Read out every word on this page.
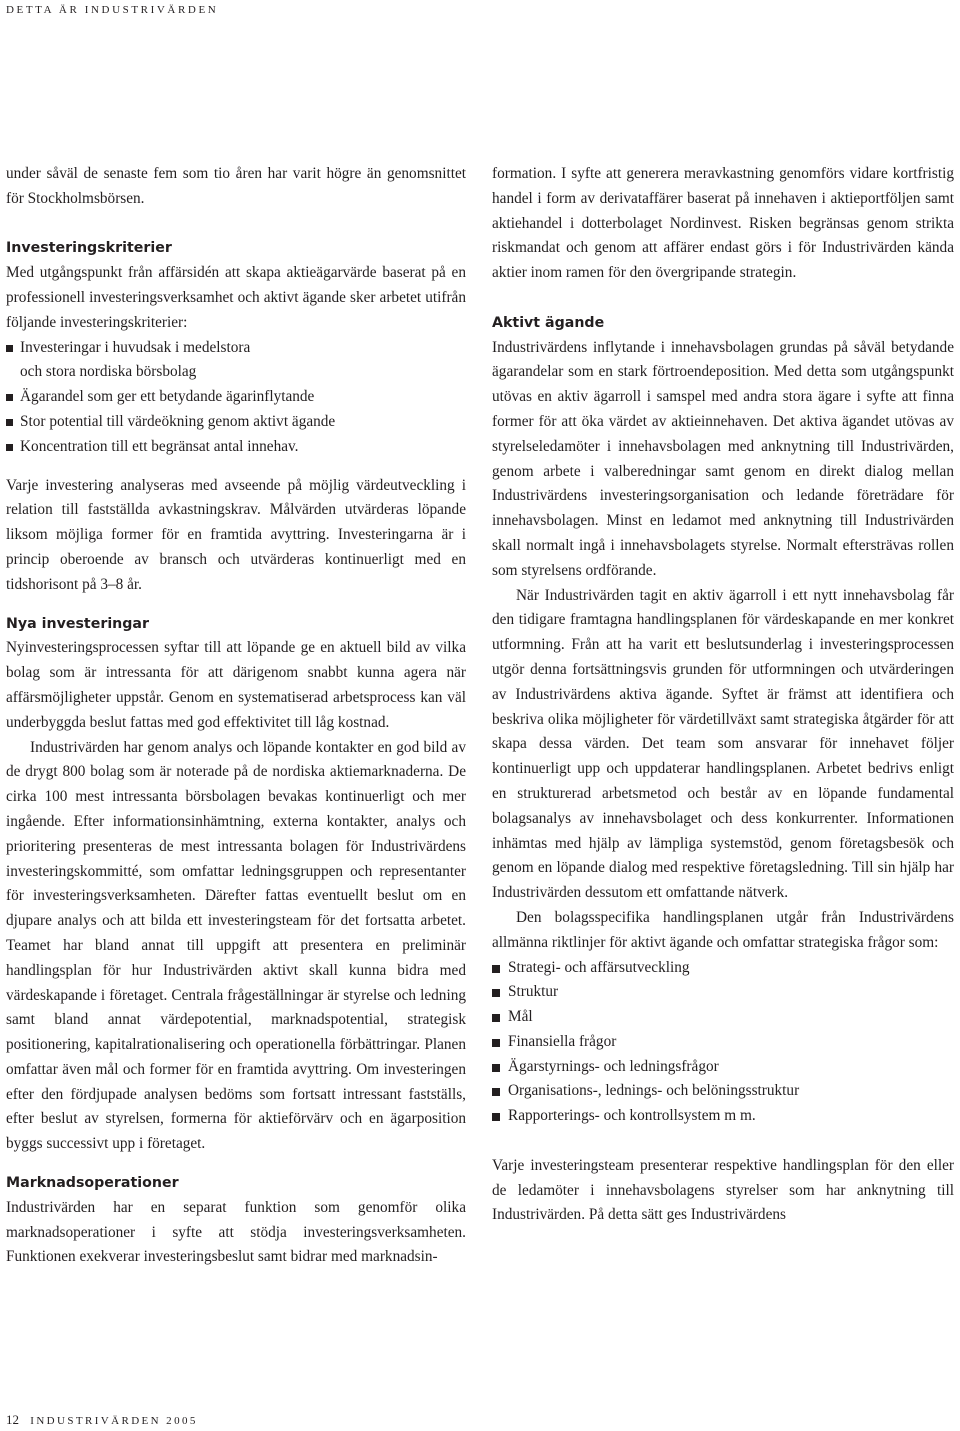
DETTA ÄR INDUSTRIVÄRDEN

under såväl de senaste fem som tio åren har varit högre än genomsnittet för Stockholmsbörsen.

Investeringskriterier

Med utgångspunkt från affärsidén att skapa aktieägarvärde baserat på en professionell investeringsverksamhet och aktivt ägande sker arbetet utifrån följande investeringskriterier:

Investeringar i huvudsak i medelstora
och stora nordiska börsbolag
Ägarandel som ger ett betydande ägarinflytande
Stor potential till värdeökning genom aktivt ägande
Koncentration till ett begränsat antal innehav.

Varje investering analyseras med avseende på möjlig värdeutveckling i relation till fastställda avkastningskrav. Målvärden utvärderas löpande liksom möjliga former för en framtida avyttring. Investeringarna är i princip oberoende av bransch och utvärderas kontinuerligt med en tidshorisont på 3–8 år.

Nya investeringar

Nyinvesteringsprocessen syftar till att löpande ge en aktuell bild av vilka bolag som är intressanta för att därigenom snabbt kunna agera när affärsmöjligheter uppstår. Genom en systematiserad arbetsprocess kan väl underbyggda beslut fattas med god effektivitet till låg kostnad.

Industrivärden har genom analys och löpande kontakter en god bild av de drygt 800 bolag som är noterade på de nordiska aktiemarknaderna. De cirka 100 mest intressanta börsbolagen bevakas kontinuerligt och mer ingående. Efter informationsinhämtning, externa kontakter, analys och prioritering presenteras de mest intressanta bolagen för Industrivärdens investeringskommitté, som omfattar ledningsgruppen och representanter för investeringsverksamheten. Därefter fattas eventuellt beslut om en djupare analys och att bilda ett investeringsteam för det fortsatta arbetet. Teamet har bland annat till uppgift att presentera en preliminär handlingsplan för hur Industrivärden aktivt skall kunna bidra med värdeskapande i företaget. Centrala frågeställningar är styrelse och ledning samt bland annat värdepotential, marknadspotential, strategisk positionering, kapitalrationalisering och operationella förbättringar. Planen omfattar även mål och former för en framtida avyttring. Om investeringen efter den fördjupade analysen bedöms som fortsatt intressant fastställs, efter beslut av styrelsen, formerna för aktieförvärv och en ägarposition byggs successivt upp i företaget.

Marknadsoperationer

Industrivärden har en separat funktion som genomför olika marknadsoperationer i syfte att stödja investeringsverksamheten. Funktionen exekverar investeringsbeslut samt bidrar med marknadsin-

formation. I syfte att generera meravkastning genomförs vidare kortfristig handel i form av derivataffärer baserat på innehaven i aktieportföljen samt aktiehandel i dotterbolaget Nordinvest. Risken begränsas genom strikta riskmandat och genom att affärer endast görs i för Industrivärden kända aktier inom ramen för den övergripande strategin.

Aktivt ägande

Industrivärdens inflytande i innehavsbolagen grundas på såväl betydande ägarandelar som en stark förtroendeposition. Med detta som utgångspunkt utövas en aktiv ägarroll i samspel med andra stora ägare i syfte att finna former för att öka värdet av aktieinnehaven. Det aktiva ägandet utövas av styrelseledamöter i innehavsbolagen med anknytning till Industrivärden, genom arbete i valberedningar samt genom en direkt dialog mellan Industrivärdens investeringsorganisation och ledande företrädare för innehavsbolagen. Minst en ledamot med anknytning till Industrivärden skall normalt ingå i innehavsbolagets styrelse. Normalt eftersträvas rollen som styrelsens ordförande.

När Industrivärden tagit en aktiv ägarroll i ett nytt innehavsbolag får den tidigare framtagna handlingsplanen för värdeskapande en mer konkret utformning. Från att ha varit ett beslutsunderlag i investeringsprocessen utgör denna fortsättningsvis grunden för utformningen och utvärderingen av Industrivärdens aktiva ägande. Syftet är främst att identifiera och beskriva olika möjligheter för värdetillväxt samt strategiska åtgärder för att skapa dessa värden. Det team som ansvarar för innehavet följer kontinuerligt upp och uppdaterar handlingsplanen. Arbetet bedrivs enligt en strukturerad arbetsmetod och består av en löpande fundamental bolagsanalys av innehavsbolaget och dess konkurrenter. Informationen inhämtas med hjälp av lämpliga systemstöd, genom företagsbesök och genom en löpande dialog med respektive företagsledning. Till sin hjälp har Industrivärden dessutom ett omfattande nätverk.

Den bolagsspecifika handlingsplanen utgår från Industrivärdens allmänna riktlinjer för aktivt ägande och omfattar strategiska frågor som:

Strategi- och affärsutveckling
Struktur
Mål
Finansiella frågor
Ägarstyrnings- och ledningsfrågor
Organisations-, lednings- och belöningsstruktur
Rapporterings- och kontrollsystem m m.

Varje investeringsteam presenterar respektive handlingsplan för den eller de ledamöter i innehavsbolagens styrelser som har anknytning till Industrivärden. På detta sätt ges Industrivärdens

12 INDUSTRIVÄRDEN 2005
